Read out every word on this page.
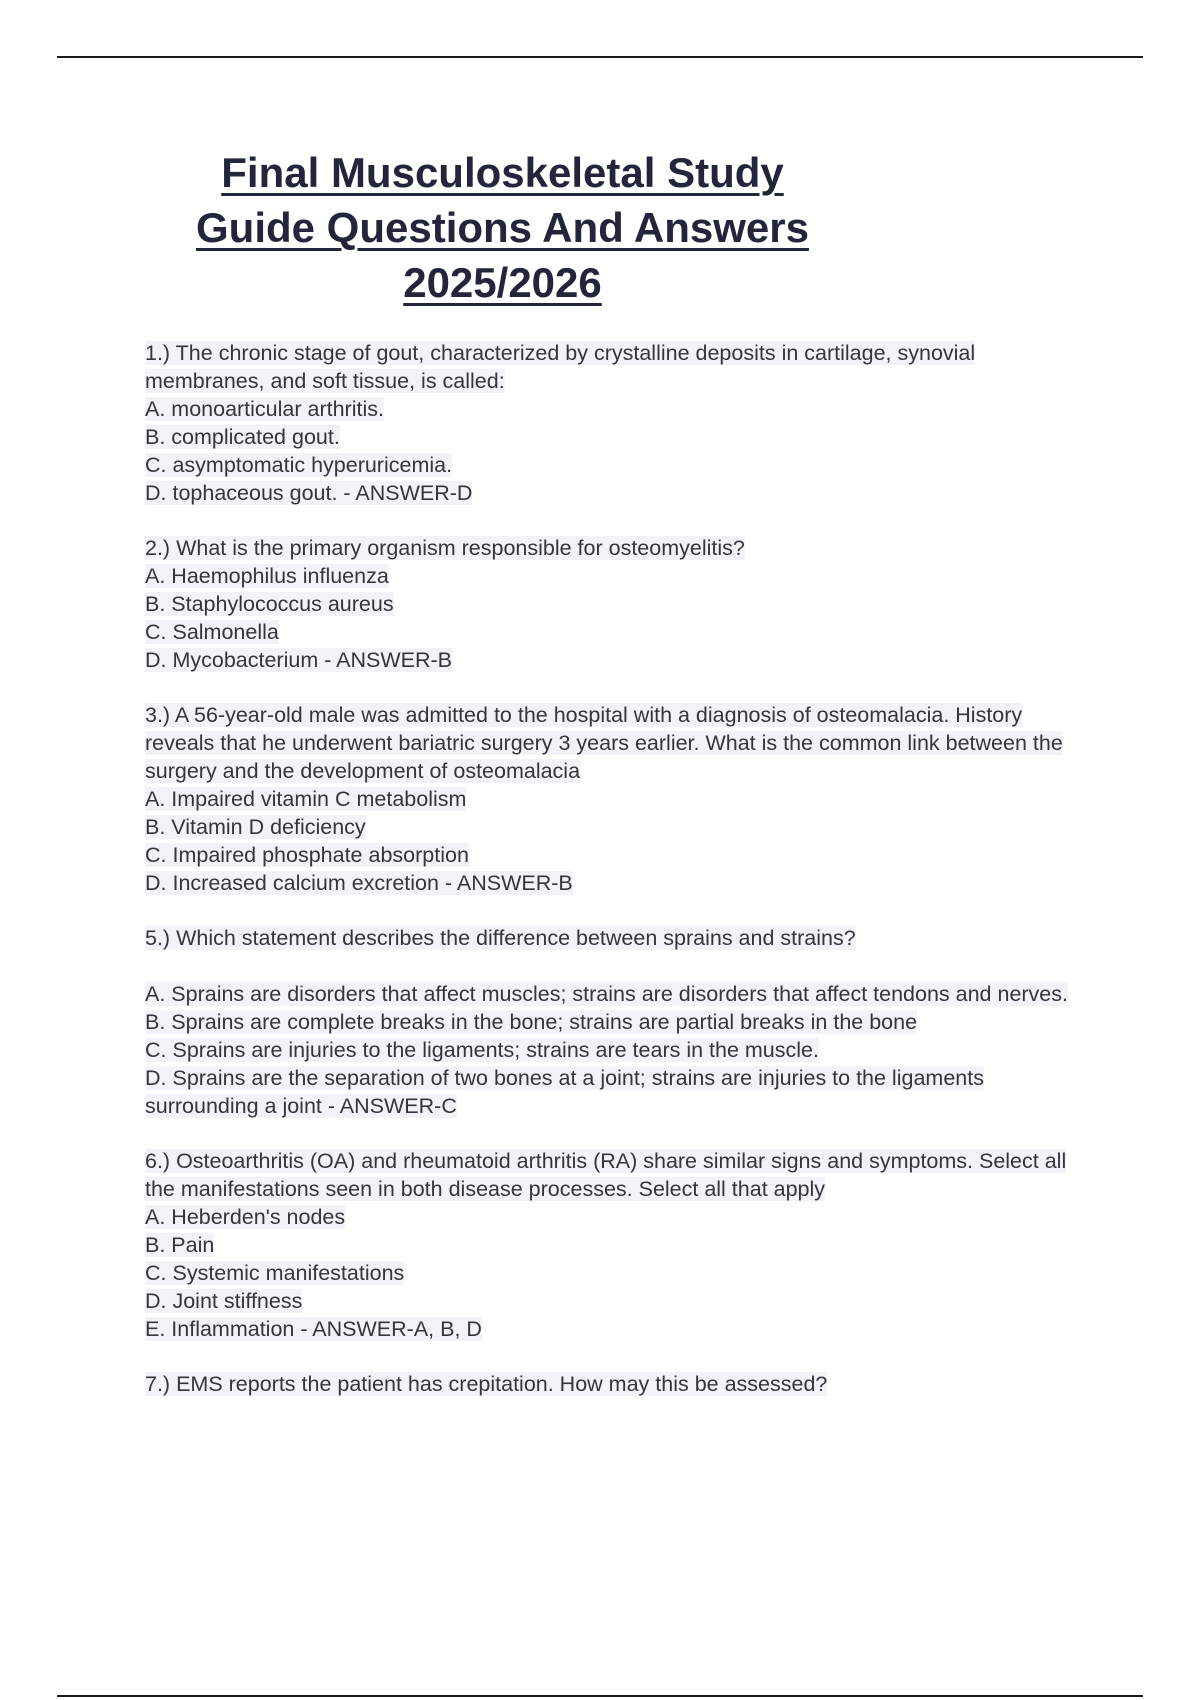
Final Musculoskeletal Study
Guide Questions And Answers
2025/2026
1.) The chronic stage of gout, characterized by crystalline deposits in cartilage, synovial membranes, and soft tissue, is called:
A. monoarticular arthritis.
B. complicated gout.
C. asymptomatic hyperuricemia.
D. tophaceous gout. - ANSWER-D
2.) What is the primary organism responsible for osteomyelitis?
A. Haemophilus influenza
B. Staphylococcus aureus
C. Salmonella
D. Mycobacterium - ANSWER-B
3.) A 56-year-old male was admitted to the hospital with a diagnosis of osteomalacia. History reveals that he underwent bariatric surgery 3 years earlier. What is the common link between the surgery and the development of osteomalacia
A. Impaired vitamin C metabolism
B. Vitamin D deficiency
C. Impaired phosphate absorption
D. Increased calcium excretion - ANSWER-B
5.) Which statement describes the difference between sprains and strains?
A. Sprains are disorders that affect muscles; strains are disorders that affect tendons and nerves.
B. Sprains are complete breaks in the bone; strains are partial breaks in the bone
C. Sprains are injuries to the ligaments; strains are tears in the muscle.
D. Sprains are the separation of two bones at a joint; strains are injuries to the ligaments surrounding a joint - ANSWER-C
6.) Osteoarthritis (OA) and rheumatoid arthritis (RA) share similar signs and symptoms. Select all the manifestations seen in both disease processes. Select all that apply
A. Heberden's nodes
B. Pain
C. Systemic manifestations
D. Joint stiffness
E. Inflammation - ANSWER-A, B, D
7.) EMS reports the patient has crepitation. How may this be assessed?
